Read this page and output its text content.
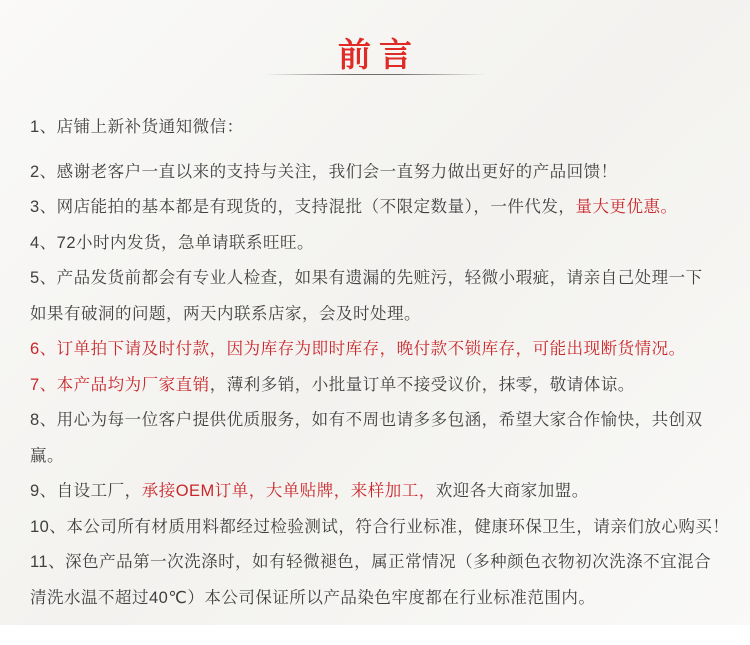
前言

1、店铺上新补货通知微信：

2、感谢老客户一直以来的支持与关注，我们会一直努力做出更好的产品回馈！

3、网店能拍的基本都是有现货的，支持混批（不限定数量），一件代发，量大更优惠。

4、72小时内发货，急单请联系旺旺。

5、产品发货前都会有专业人检查，如果有遗漏的先赃污，轻微小瑕疵，请亲自己处理一下
如果有破洞的问题，两天内联系店家，会及时处理。

6、订单拍下请及时付款，因为库存为即时库存，晚付款不锁库存，可能出现断货情况。

7、本产品均为厂家直销，薄利多销，小批量订单不接受议价，抹零，敬请体谅。

8、用心为每一位客户提供优质服务，如有不周也请多多包涵，希望大家合作愉快，共创双赢。

9、自设工厂，承接OEM订单，大单贴牌，来样加工，欢迎各大商家加盟。

10、本公司所有材质用料都经过检验测试，符合行业标准，健康环保卫生，请亲们放心购买！

11、深色产品第一次洗涤时，如有轻微褪色，属正常情况（多种颜色衣物初次洗涤不宜混合
清洗水温不超过40℃）本公司保证所以产品染色牢度都在行业标准范围内。
